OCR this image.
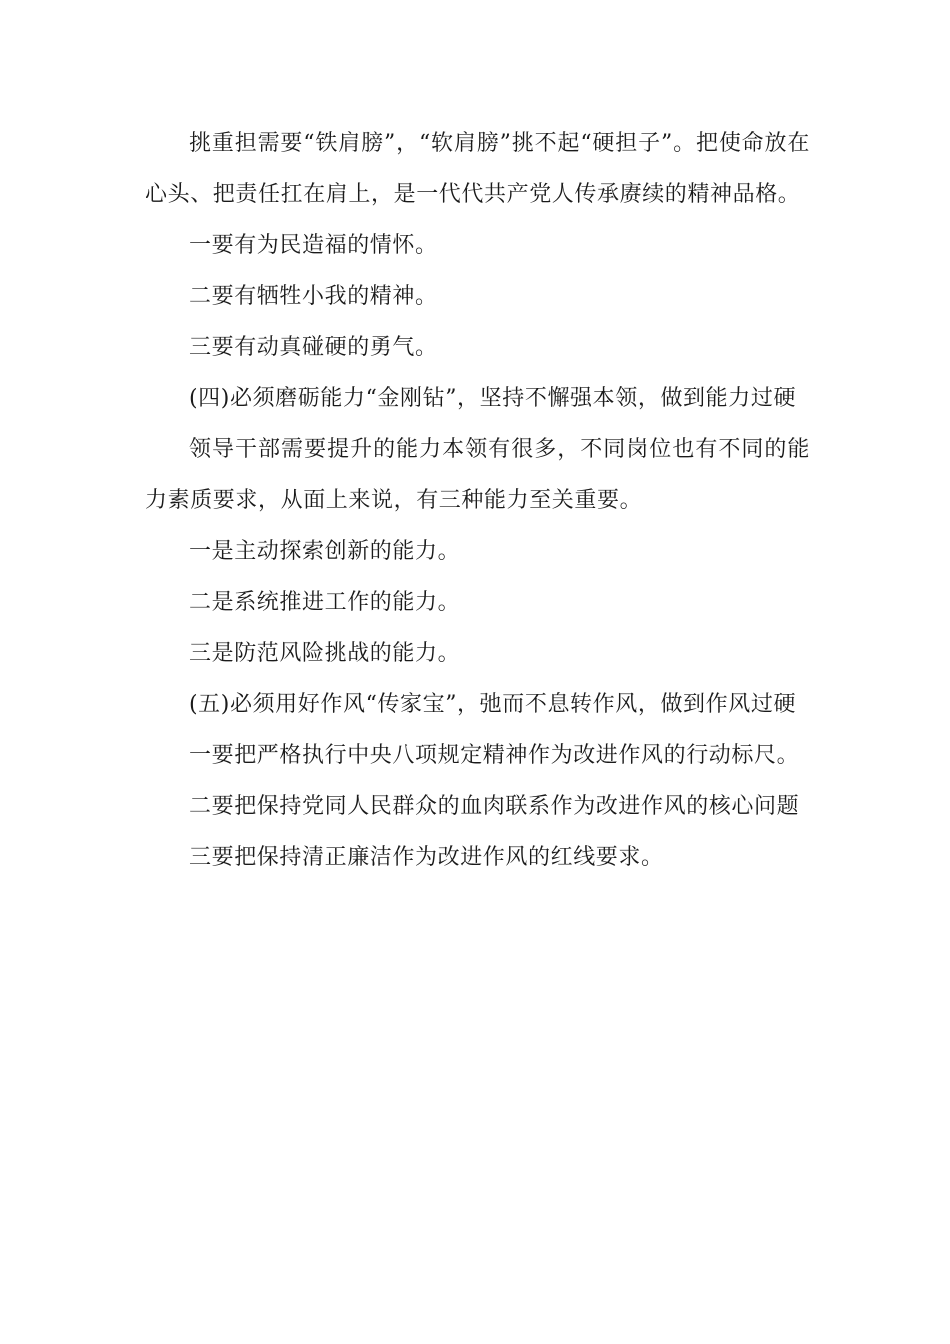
挑重担需要“铁肩膀”，“软肩膀”挑不起“硬担子”。把使命放在心头、把责任扛在肩上，是一代代共产党人传承赓续的精神品格。

一要有为民造福的情怀。

二要有牺牲小我的精神。

三要有动真碰硬的勇气。

(四)必须磨砺能力“金刚钻”，坚持不懈强本领，做到能力过硬

领导干部需要提升的能力本领有很多，不同岗位也有不同的能力素质要求，从面上来说，有三种能力至关重要。

一是主动探索创新的能力。

二是系统推进工作的能力。

三是防范风险挑战的能力。

(五)必须用好作风“传家宝”，弛而不息转作风，做到作风过硬

一要把严格执行中央八项规定精神作为改进作风的行动标尺。

二要把保持党同人民群众的血肉联系作为改进作风的核心问题

三要把保持清正廉洁作为改进作风的红线要求。
